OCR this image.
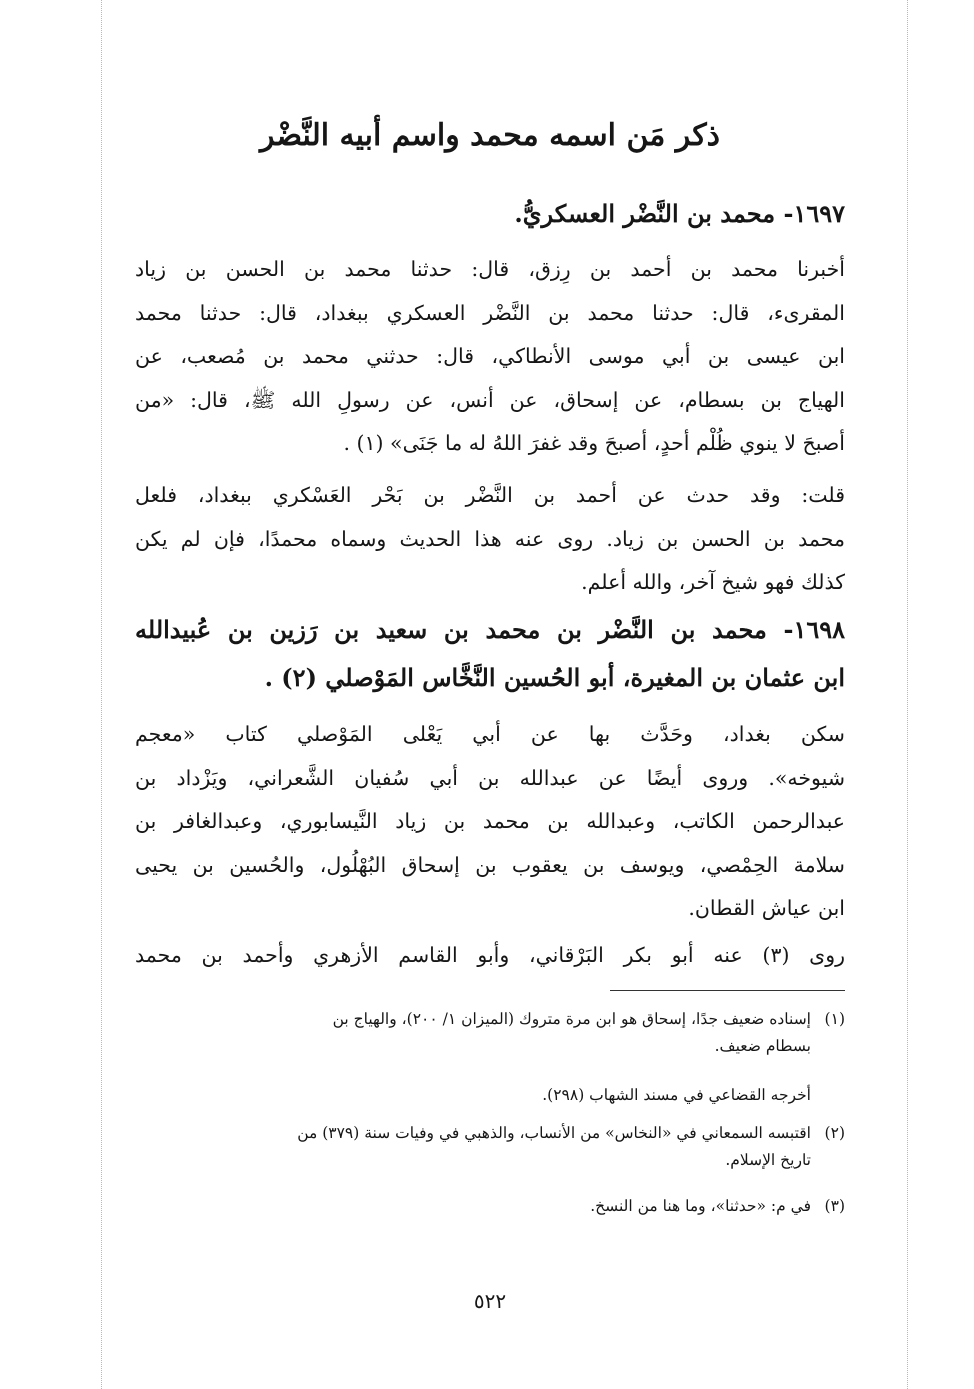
ذكر مَن اسمه محمد واسم أبيه النَّضْر
١٦٩٧- محمد بن النَّضْر العسكريُّ.
أخبرنا محمد بن أحمد بن رِزق، قال: حدثنا محمد بن الحسن بن زياد
المقرىء، قال: حدثنا محمد بن النَّضْر العسكري ببغداد، قال: حدثنا محمد
ابن عيسى بن أبي موسى الأنطاكي، قال: حدثني محمد بن مُصعب، عن
الهياج بن بسطام، عن إسحاق، عن أنس، عن رسولِ الله ﷺ، قال: «من
أصبحَ لا ينوي ظُلْم أحدٍ، أصبحَ وقد غفرَ اللهُ له ما جَنَى» (١) .
قلت: وقد حدث عن أحمد بن النَّضْر بن بَحْر العَسْكري ببغداد، فلعل
محمد بن الحسن بن زياد. روى عنه هذا الحديث وسماه محمدًا، فإن لم يكن
كذلك فهو شيخ آخر، والله أعلم.
١٦٩٨- محمد بن النَّضْر بن محمد بن سعيد بن رَزين بن عُبيدالله
ابن عثمان بن المغيرة، أبو الحُسين النَّخَّاس المَوْصلي (٢) .
سكن بغداد، وحَدَّث بها عن أبي يَعْلى المَوْصلي كتاب «معجم
شيوخه». وروى أيضًا عن عبدالله بن أبي سُفيان الشَّعراني، ويَزْداد بن
عبدالرحمن الكاتب، وعبدالله بن محمد بن زياد النَّيسابوري، وعبدالغافر بن
سلامة الحِمْصي، ويوسف بن يعقوب بن إسحاق البُهْلُول، والحُسين بن يحيى
ابن عياش القطان.
روى (٣) عنه أبو بكر البَرْقاني، وأبو القاسم الأزهري وأحمد بن محمد
(١)إسناده ضعيف جدًا، إسحاق هو ابن مرة متروك (الميزان ١/ ٢٠٠)، والهياج بن
بسطام ضعيف.
أخرجه القضاعي في مسند الشهاب (٢٩٨).
(٢)اقتبسه السمعاني في «النخاس» من الأنساب، والذهبي في وفيات سنة (٣٧٩) من
تاريخ الإسلام.
(٣)في م: «حدثنا»، وما هنا من النسخ.
٥٢٢
